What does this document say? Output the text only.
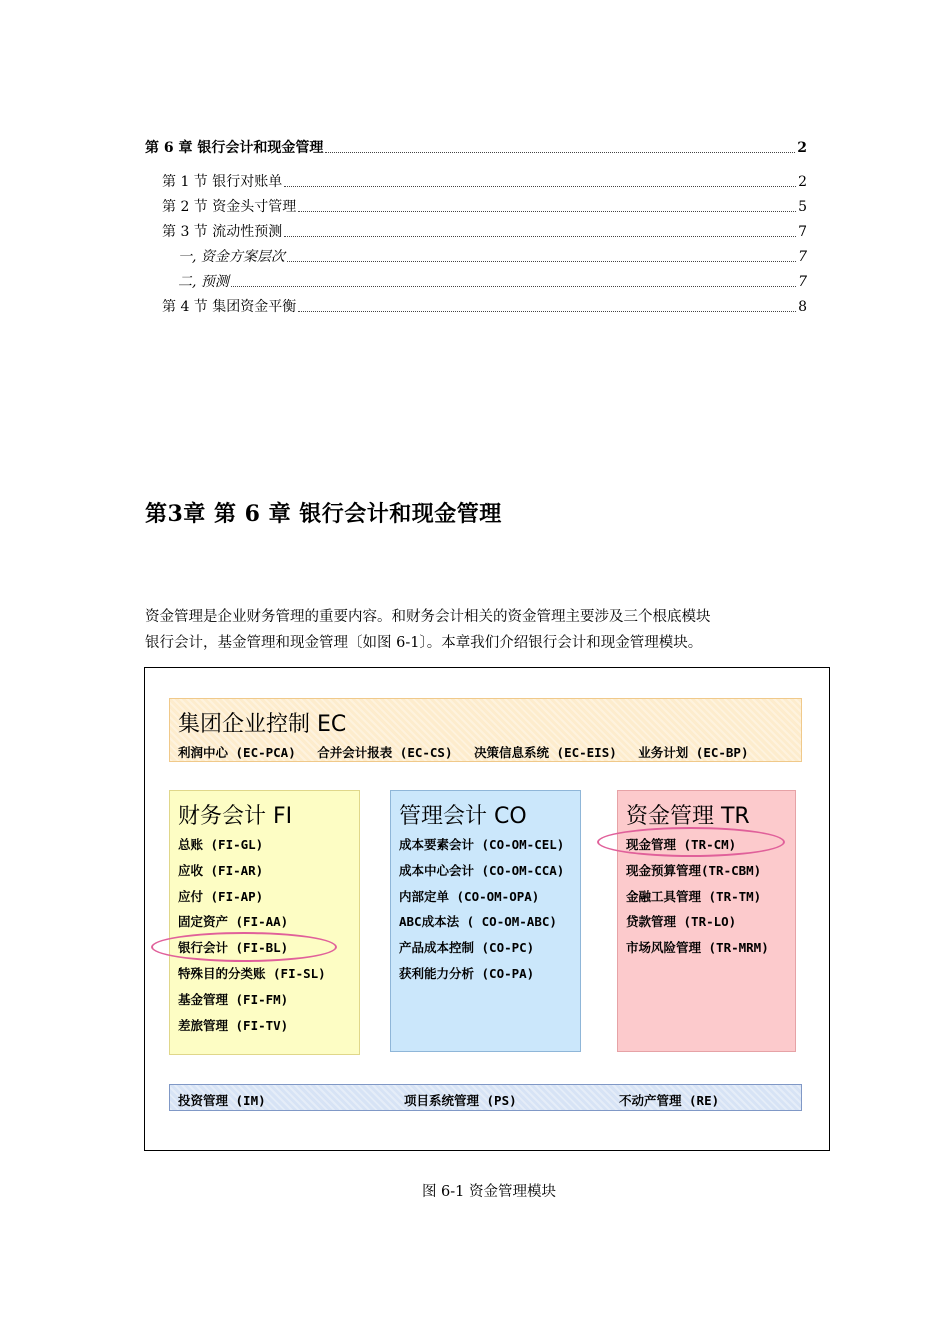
第 6 章 银行会计和现金管理	2
第 1 节 银行对账单	2
第 2 节 资金头寸管理	5
第 3 节 流动性预测	7
一, 资金方案层次	7
二, 预测	7
第 4 节 集团资金平衡	8
第3章 第 6 章 银行会计和现金管理
资金管理是企业财务管理的重要内容。和财务会计相关的资金管理主要涉及三个根底模块
银行会计，基金管理和现金管理〔如图 6-1〕。本章我们介绍银行会计和现金管理模块。
集团企业控制 EC
利润中心 (EC-PCA) 合并会计报表 (EC-CS) 决策信息系统 (EC-EIS) 业务计划 (EC-BP)
财务会计 FI
总账 (FI-GL)
应收 (FI-AR)
应付 (FI-AP)
固定资产 (FI-AA)
银行会计 (FI-BL)
特殊目的分类账 (FI-SL)
基金管理 (FI-FM)
差旅管理 (FI-TV)
管理会计 CO
成本要素会计 (CO-OM-CEL)
成本中心会计 (CO-OM-CCA)
内部定单 (CO-OM-OPA)
ABC成本法 ( CO-OM-ABC)
产品成本控制 (CO-PC)
获利能力分析 (CO-PA)
资金管理 TR
现金管理 (TR-CM)
现金预算管理(TR-CBM)
金融工具管理 (TR-TM)
贷款管理 (TR-LO)
市场风险管理 (TR-MRM)
投资管理 (IM)	项目系统管理 (PS)	不动产管理 (RE)
图 6-1 资金管理模块
